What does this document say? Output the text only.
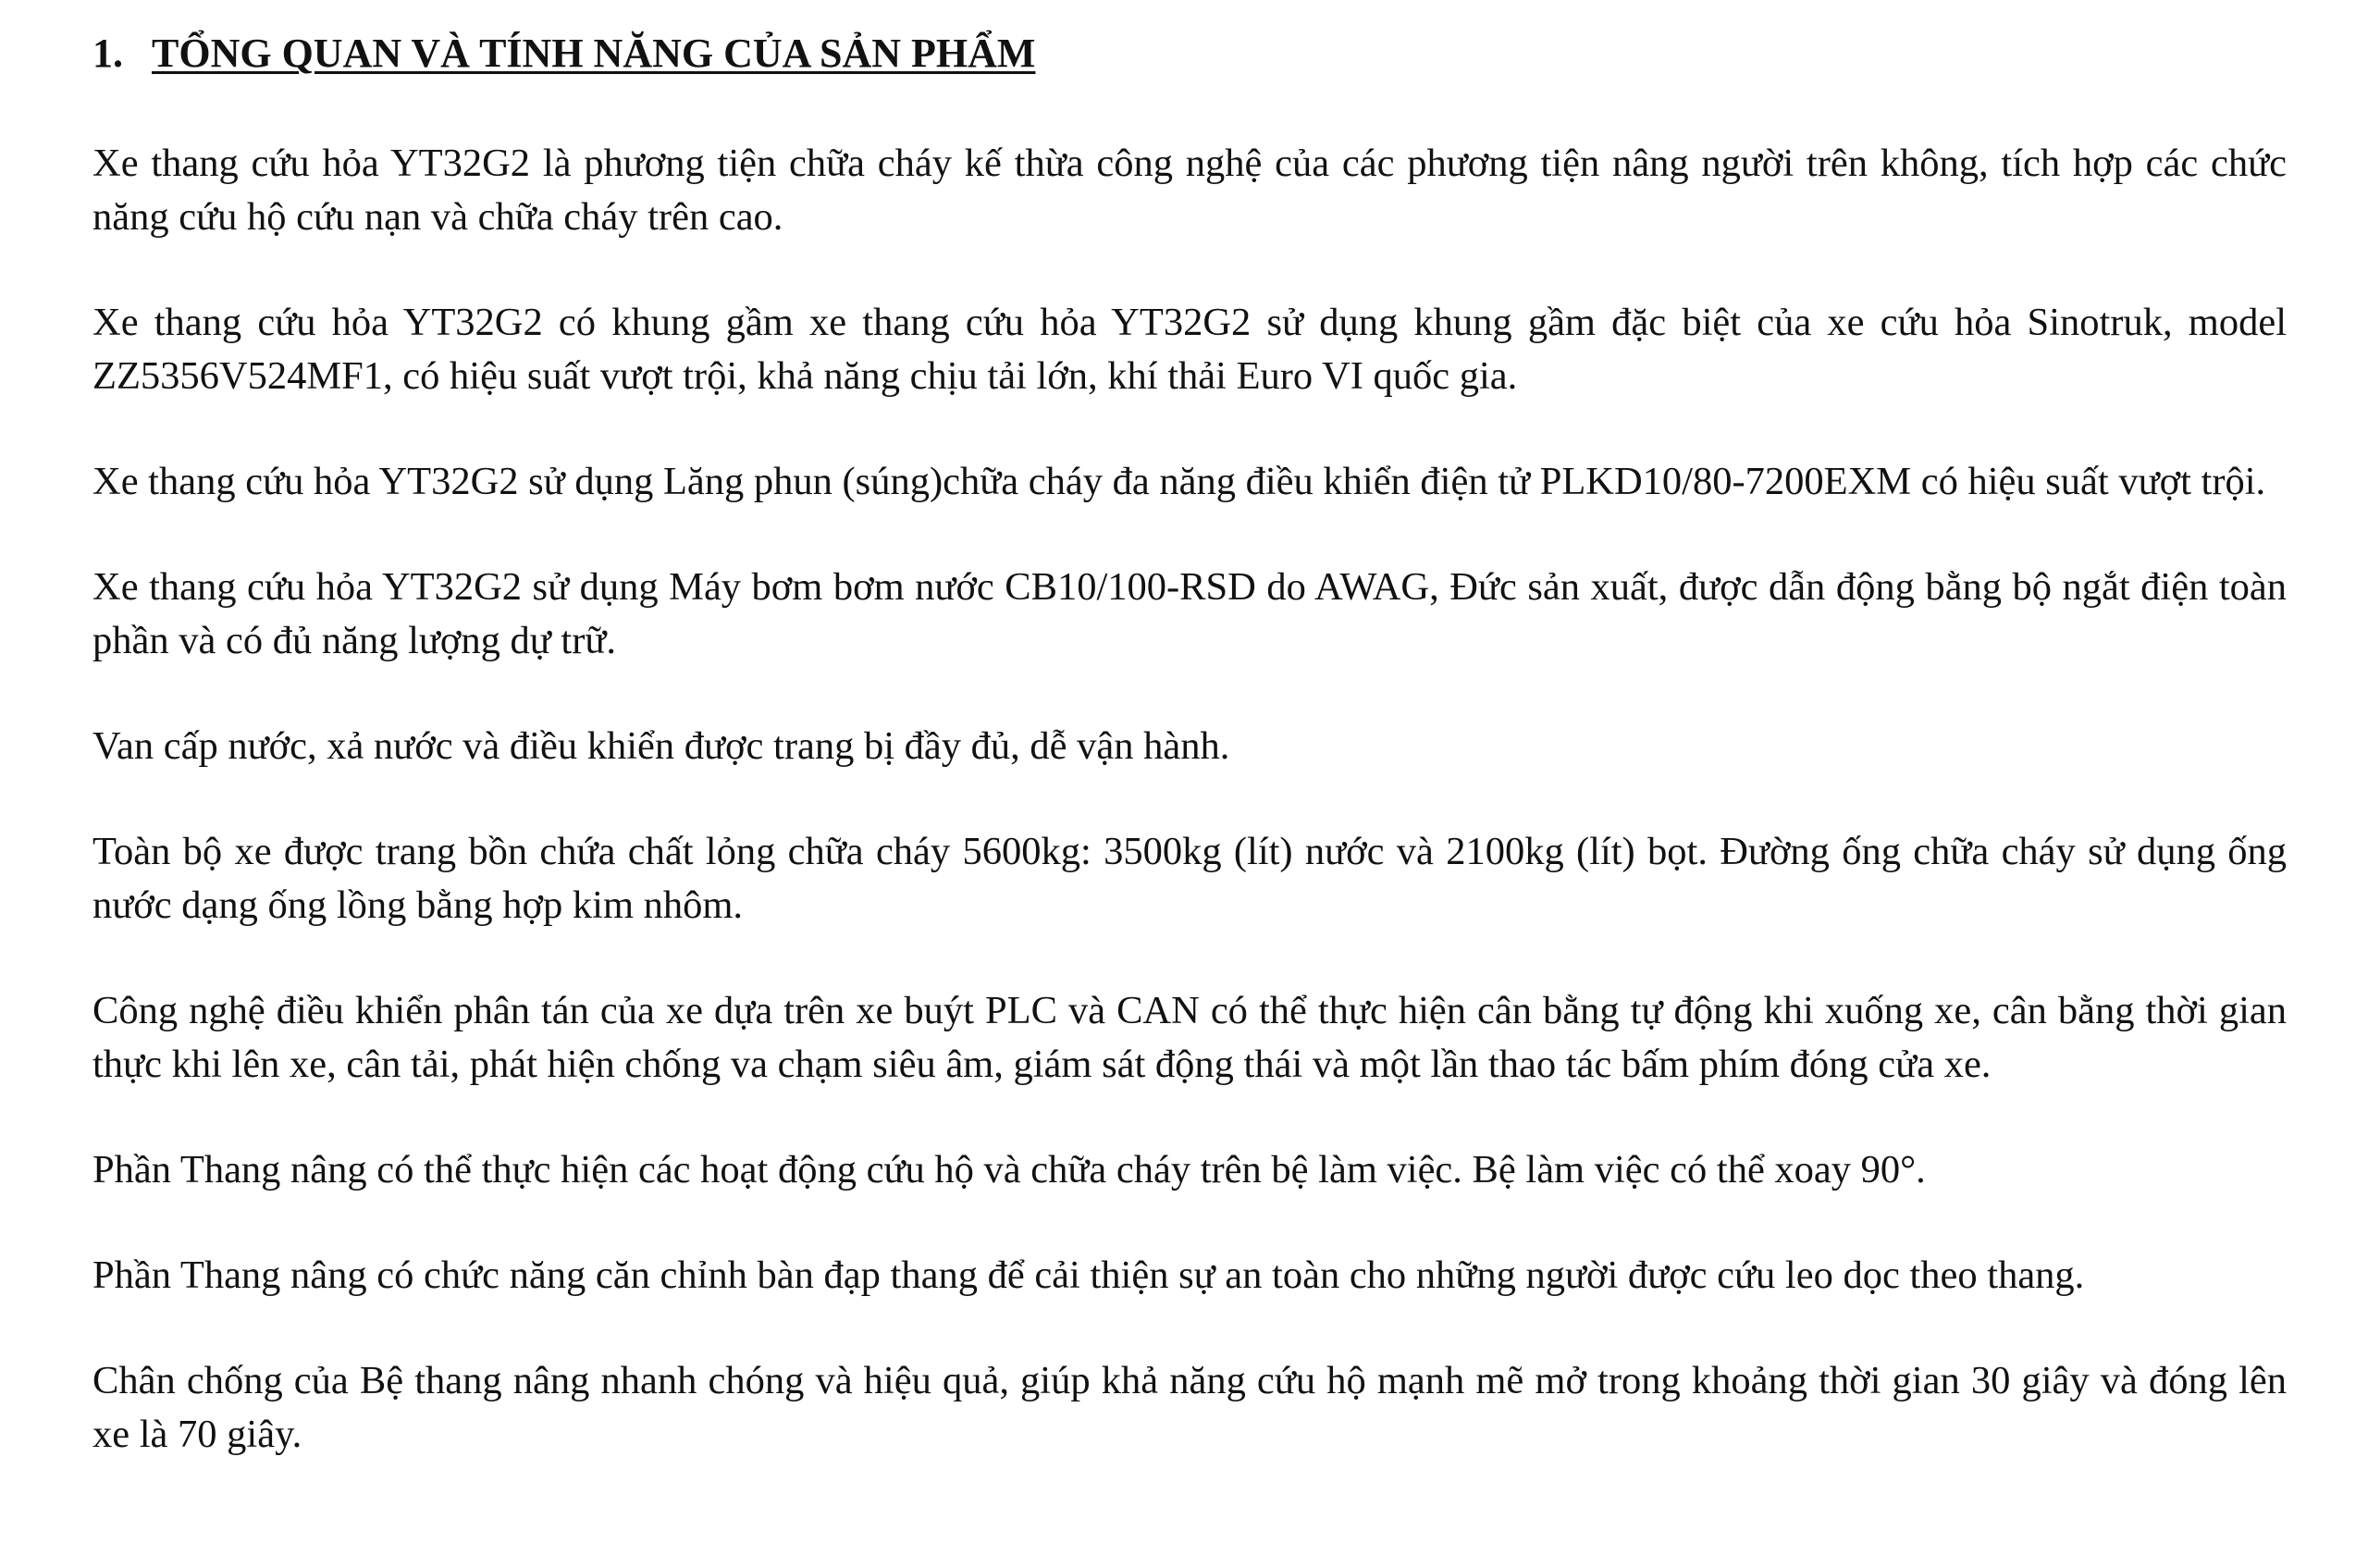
1. TỔNG QUAN VÀ TÍNH NĂNG CỦA SẢN PHẨM

Xe thang cứu hỏa YT32G2 là phương tiện chữa cháy kế thừa công nghệ của các phương tiện nâng người trên không, tích hợp các chức năng cứu hộ cứu nạn và chữa cháy trên cao.

Xe thang cứu hỏa YT32G2 có khung gầm xe thang cứu hỏa YT32G2 sử dụng khung gầm đặc biệt của xe cứu hỏa Sinotruk, model ZZ5356V524MF1, có hiệu suất vượt trội, khả năng chịu tải lớn, khí thải Euro VI quốc gia.

Xe thang cứu hỏa YT32G2 sử dụng Lăng phun (súng)chữa cháy đa năng điều khiển điện tử PLKD10/80-7200EXM có hiệu suất vượt trội.

Xe thang cứu hỏa YT32G2 sử dụng Máy bơm bơm nước CB10/100-RSD do AWAG, Đức sản xuất, được dẫn động bằng bộ ngắt điện toàn phần và có đủ năng lượng dự trữ.

Van cấp nước, xả nước và điều khiển được trang bị đầy đủ, dễ vận hành.

Toàn bộ xe được trang bồn chứa chất lỏng chữa cháy 5600kg: 3500kg (lít) nước và 2100kg (lít) bọt. Đường ống chữa cháy sử dụng ống nước dạng ống lồng bằng hợp kim nhôm.

Công nghệ điều khiển phân tán của xe dựa trên xe buýt PLC và CAN có thể thực hiện cân bằng tự động khi xuống xe, cân bằng thời gian thực khi lên xe, cân tải, phát hiện chống va chạm siêu âm, giám sát động thái và một lần thao tác bấm phím đóng cửa xe.

Phần Thang nâng có thể thực hiện các hoạt động cứu hộ và chữa cháy trên bệ làm việc. Bệ làm việc có thể xoay 90°.

Phần Thang nâng có chức năng căn chỉnh bàn đạp thang để cải thiện sự an toàn cho những người được cứu leo dọc theo thang.

Chân chống của Bệ thang nâng nhanh chóng và hiệu quả, giúp khả năng cứu hộ mạnh mẽ mở trong khoảng thời gian 30 giây và đóng lên xe là 70 giây.
